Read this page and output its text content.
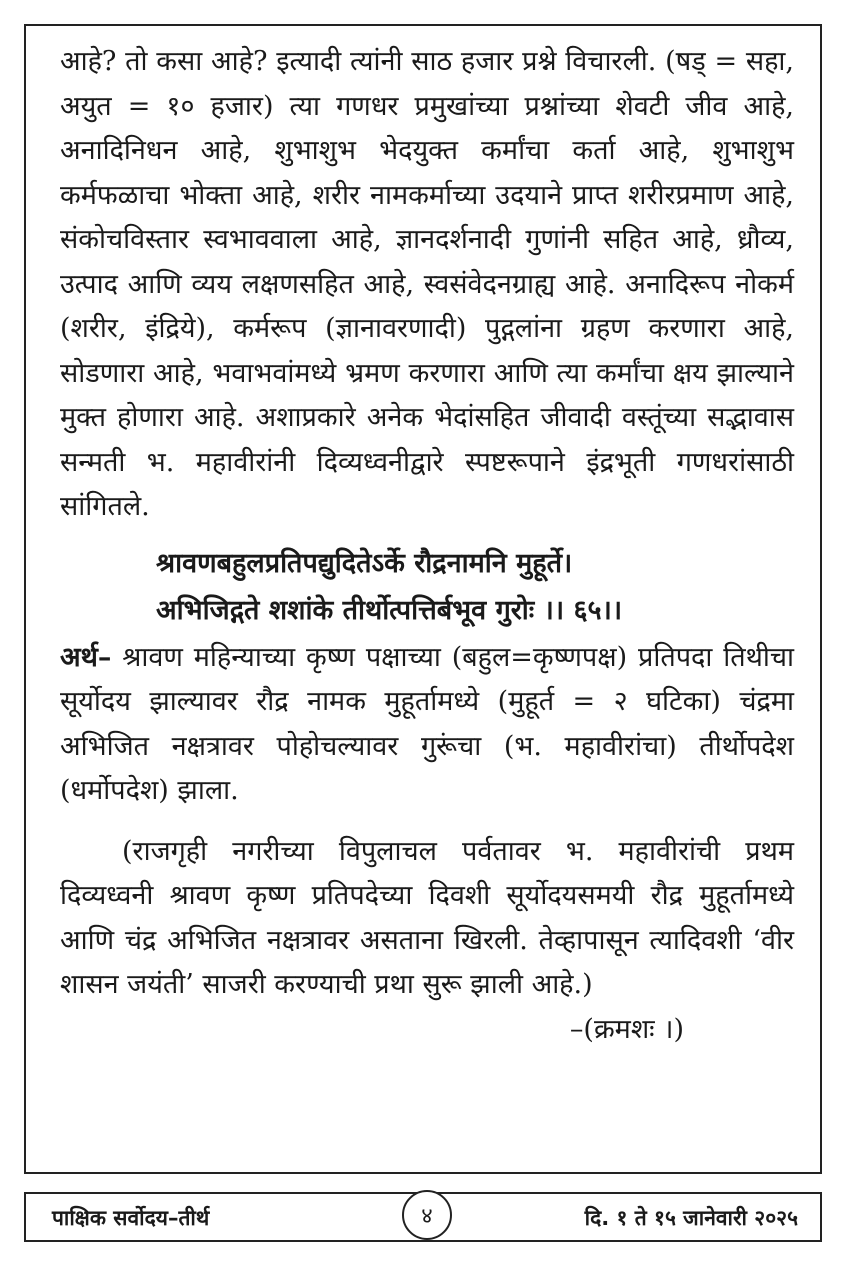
आहे? तो कसा आहे? इत्यादी त्यांनी साठ हजार प्रश्ने विचारली. (षड् = सहा, अयुत = १० हजार) त्या गणधर प्रमुखांच्या प्रश्नांच्या शेवटी जीव आहे, अनादिनिधन आहे, शुभाशुभ भेदयुक्त कर्मांचा कर्ता आहे, शुभाशुभ कर्मफळाचा भोक्ता आहे, शरीर नामकर्माच्या उदयाने प्राप्त शरीरप्रमाण आहे, संकोचविस्तार स्वभाववाला आहे, ज्ञानदर्शनादी गुणांनी सहित आहे, ध्रौव्य, उत्पाद आणि व्यय लक्षणसहित आहे, स्वसंवेदनग्राह्य आहे. अनादिरूप नोकर्म (शरीर, इंद्रिये), कर्मरूप (ज्ञानावरणादी) पुद्गलांना ग्रहण करणारा आहे, सोडणारा आहे, भवाभवांमध्ये भ्रमण करणारा आणि त्या कर्मांचा क्षय झाल्याने मुक्त होणारा आहे. अशाप्रकारे अनेक भेदांसहित जीवादी वस्तूंच्या सद्भावास सन्मती भ. महावीरांनी दिव्यध्वनीद्वारे स्पष्टरूपाने इंद्रभूती गणधरांसाठी सांगितले.

श्रावणबहुलप्रतिपद्युदितेऽर्के रौद्रनामनि मुहूर्ते।
अभिजिद्गते शशांके तीर्थोत्पत्तिर्बभूव गुरोः ।। ६५।।

अर्थ– श्रावण महिन्याच्या कृष्ण पक्षाच्या (बहुल=कृष्णपक्ष) प्रतिपदा तिथीचा सूर्योदय झाल्यावर रौद्र नामक मुहूर्तामध्ये (मुहूर्त = २ घटिका) चंद्रमा अभिजित नक्षत्रावर पोहोचल्यावर गुरूंचा (भ. महावीरांचा) तीर्थोपदेश (धर्मोपदेश) झाला.

(राजगृही नगरीच्या विपुलाचल पर्वतावर भ. महावीरांची प्रथम दिव्यध्वनी श्रावण कृष्ण प्रतिपदेच्या दिवशी सूर्योदयसमयी रौद्र मुहूर्तामध्ये आणि चंद्र अभिजित नक्षत्रावर असताना खिरली. तेव्हापासून त्यादिवशी ‘वीर शासन जयंती’ साजरी करण्याची प्रथा सुरू झाली आहे.)

–(क्रमशः ।)

पाक्षिक सर्वोदय–तीर्थ	४	दि. १ ते १५ जानेवारी २०२५
